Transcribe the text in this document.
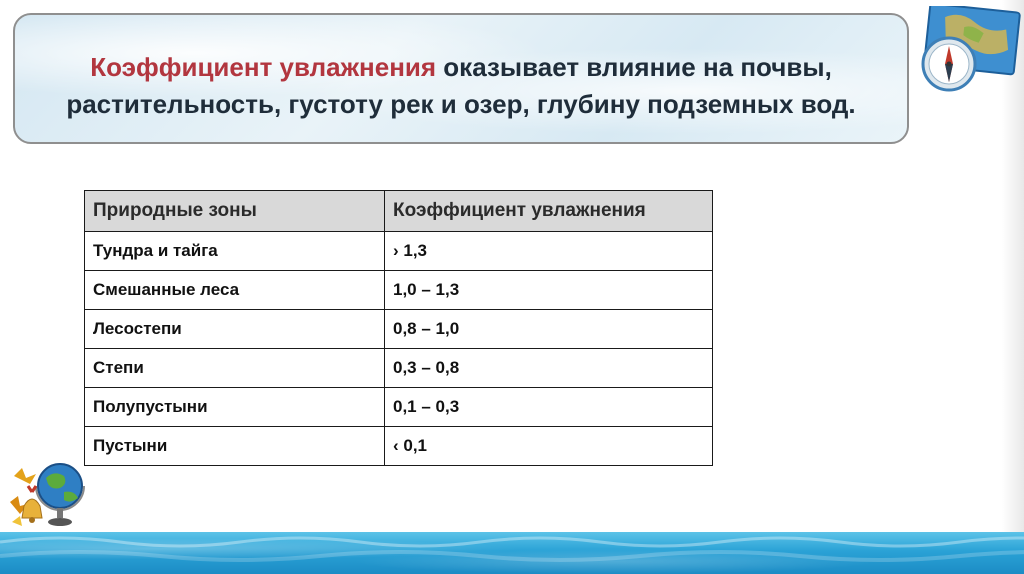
Коэффициент увлажнения оказывает влияние на почвы, растительность, густоту рек и озер, глубину подземных вод.
Природные зоны	Коэффициент увлажнения
Тундра и тайга	› 1,3
Смешанные леса	1,0 – 1,3
Лесостепи	0,8 – 1,0
Степи	0,3 – 0,8
Полупустыни	0,1 – 0,3
Пустыни	‹ 0,1
